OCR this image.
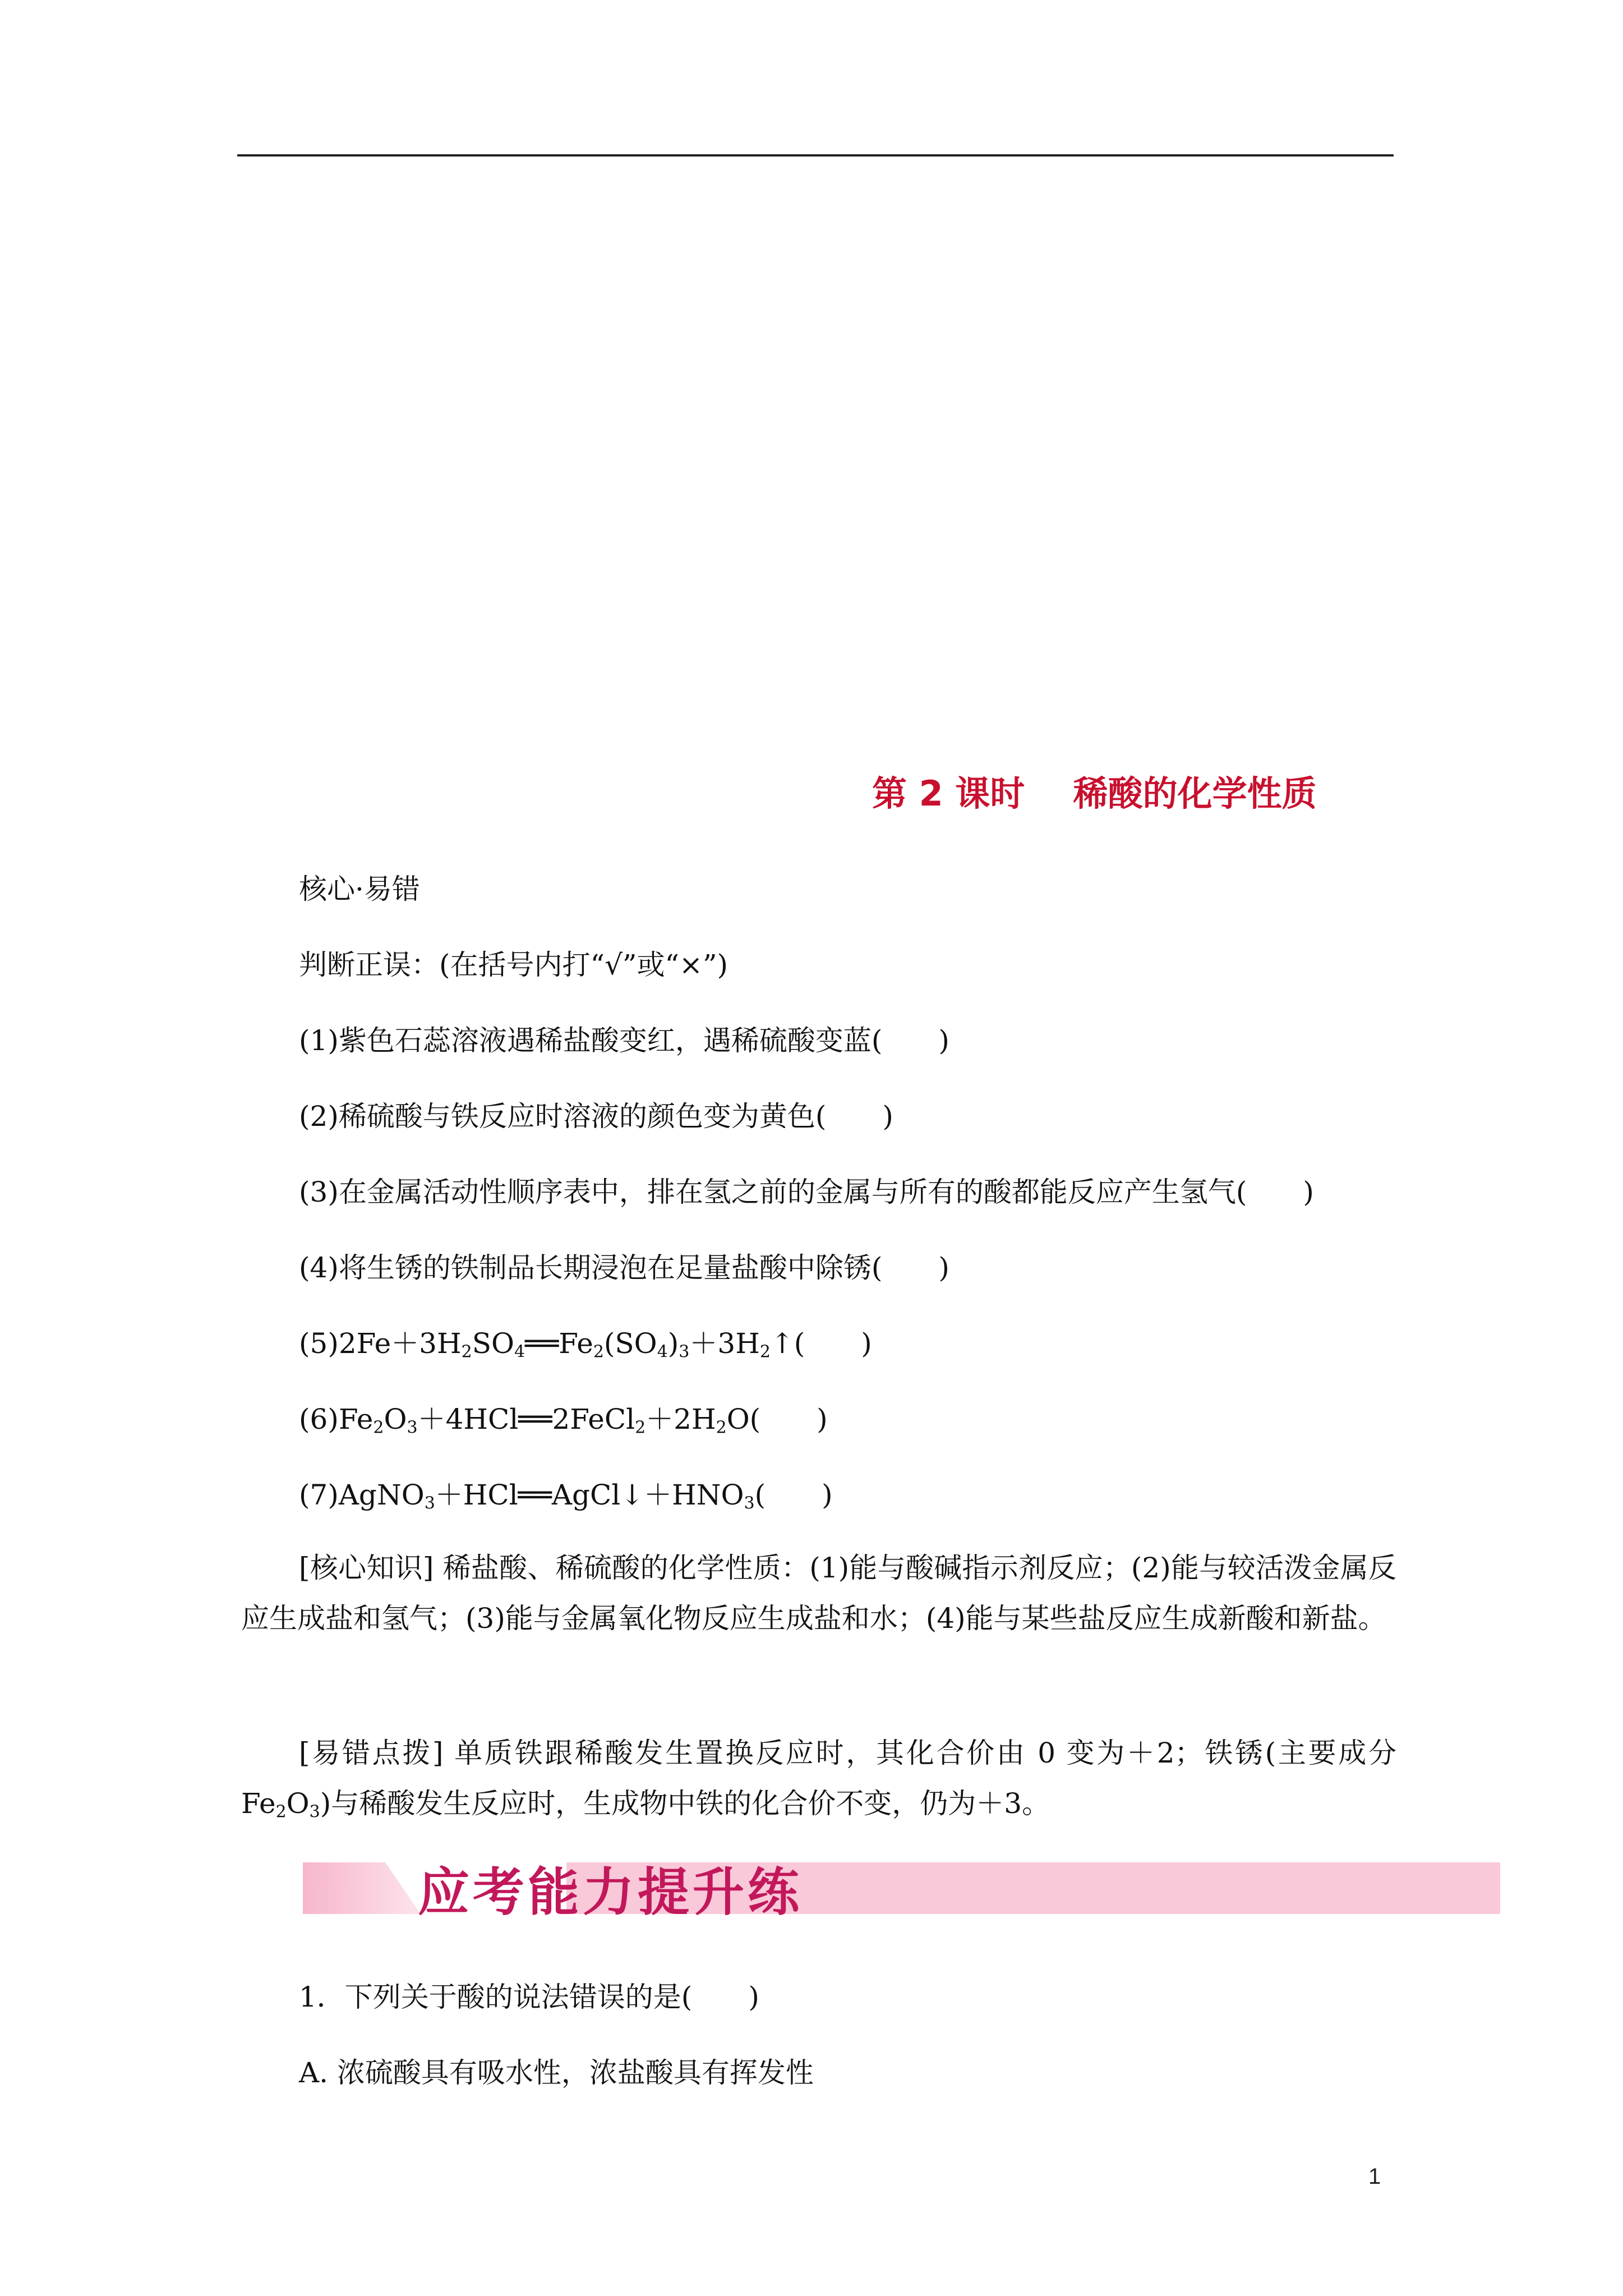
第 2 课时    稀酸的化学性质
核心·易错
判断正误：(在括号内打“√”或“×”)
(1)紫色石蕊溶液遇稀盐酸变红，遇稀硫酸变蓝(　　)
(2)稀硫酸与铁反应时溶液的颜色变为黄色(　　)
(3)在金属活动性顺序表中，排在氢之前的金属与所有的酸都能反应产生氢气(　　)
(4)将生锈的铁制品长期浸泡在足量盐酸中除锈(　　)
$(5)2Fe+3H_2SO_4══Fe_2(SO_4)_3+3H_2↑$(　　)
$(6)Fe_2O_3+4HCl══2FeCl_2+2H_2O$(　　)
$(7)AgNO_3+HCl══AgCl↓+HNO_3$(　　)
[核心知识] 稀盐酸、稀硫酸的化学性质：(1)能与酸碱指示剂反应；(2)能与较活泼金属反应生成盐和氢气；(3)能与金属氧化物反应生成盐和水；(4)能与某些盐反应生成新酸和新盐。
[易错点拨] 单质铁跟稀酸发生置换反应时，其化合价由 0 变为＋2；铁锈(主要成分 $Fe_2O_3$)与稀酸发生反应时，生成物中铁的化合价不变，仍为＋3。
应考能力提升练
1．下列关于酸的说法错误的是(　　)
A. 浓硫酸具有吸水性，浓盐酸具有挥发性
1
